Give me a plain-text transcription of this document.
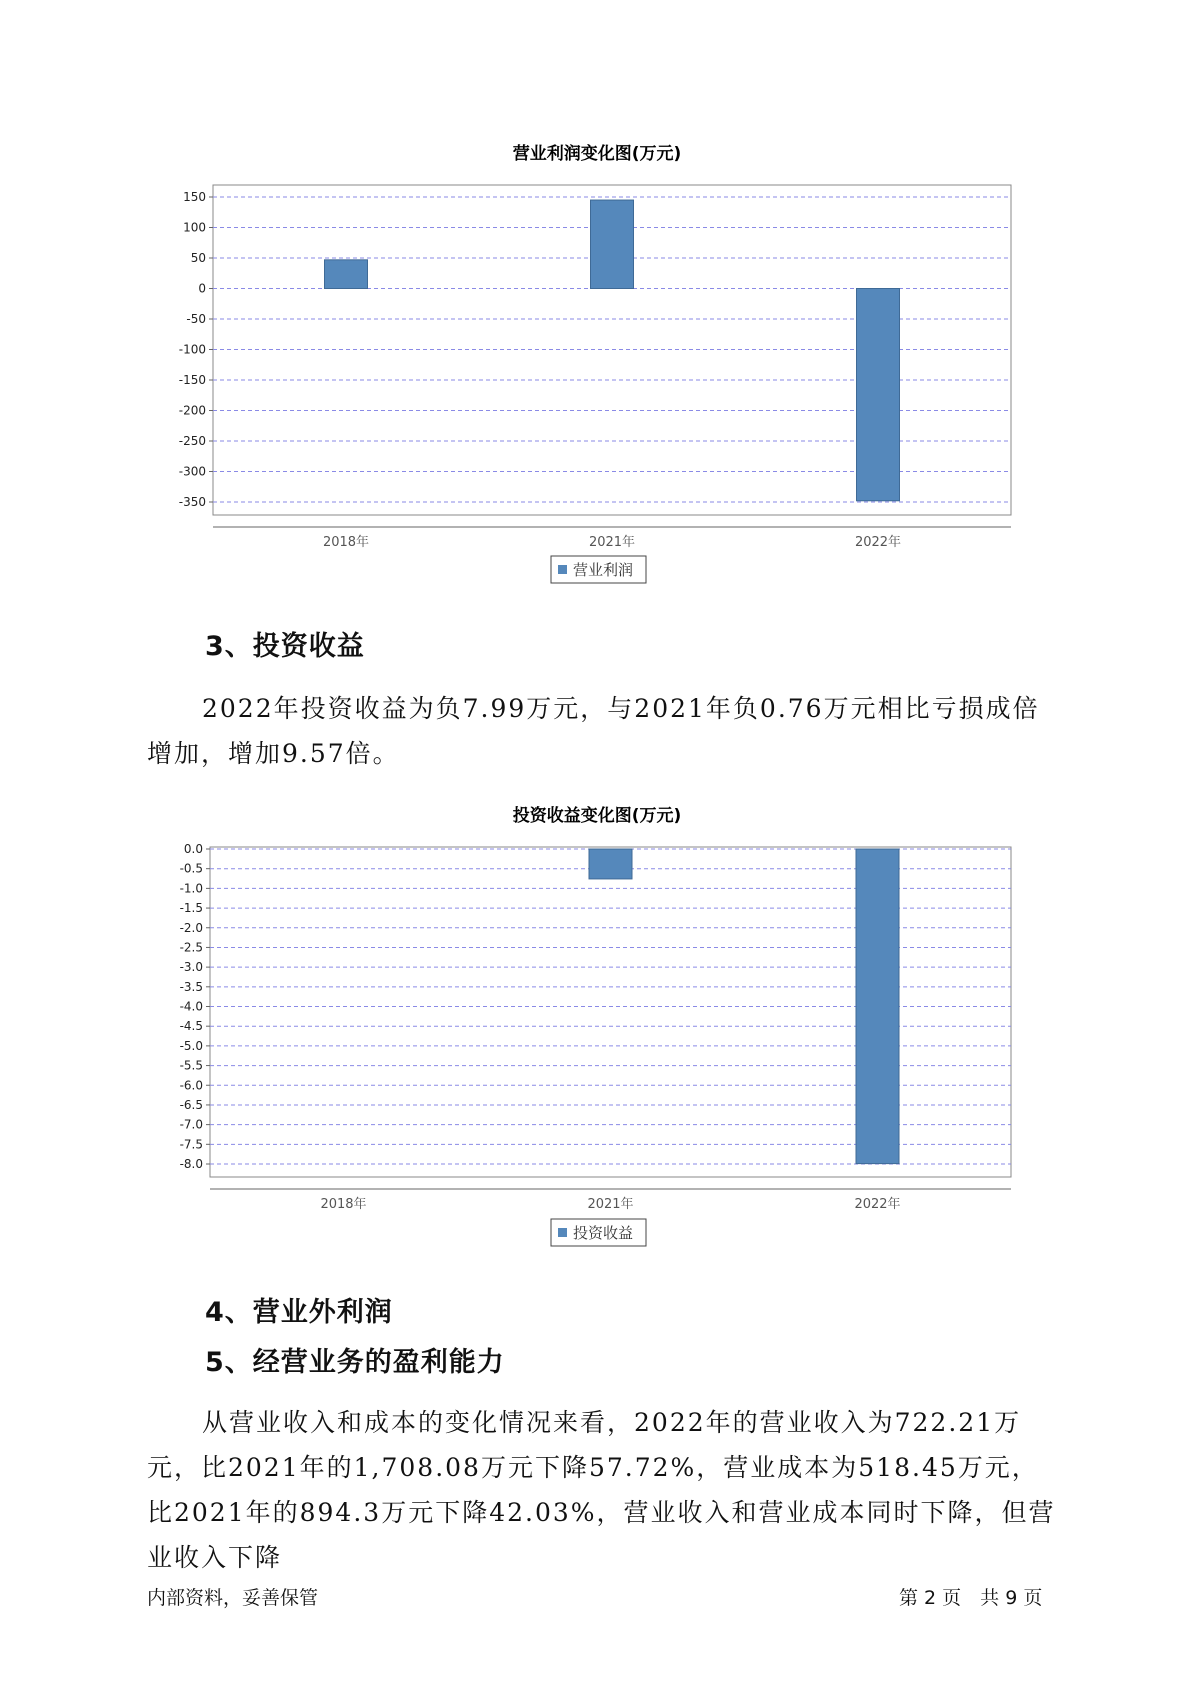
营业利润变化图(万元)
150
100
50
0
-50
-100
-150
-200
-250
-300
-350
2018年	2021年	2022年
营业利润
投资收益变化图(万元)
0.0
-0.5
-1.0
-1.5
-2.0
-2.5
-3.0
-3.5
-4.0
-4.5
-5.0
-5.5
-6.0
-6.5
-7.0
-7.5
-8.0
2018年	2021年	2022年
投资收益
3、投资收益

2022年投资收益为负7.99万元，与2021年负0.76万元相比亏损成倍增加，增加9.57倍。

4、营业外利润
5、经营业务的盈利能力

从营业收入和成本的变化情况来看，2022年的营业收入为722.21万元，比2021年的1,708.08万元下降57.72%，营业成本为518.45万元，比2021年的894.3万元下降42.03%，营业收入和营业成本同时下降，但营业收入下降

内部资料，妥善保管	第 2 页　共 9 页
